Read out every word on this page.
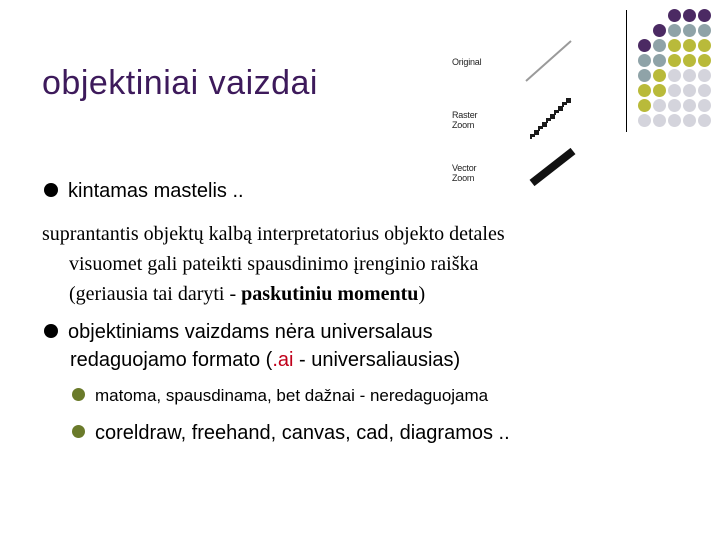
objektiniai vaizdai
Original
Raster Zoom
Vector Zoom
kintamas mastelis ..
suprantantis objektų kalbą interpretatorius objekto detales
visuomet gali pateikti spausdinimo įrenginio raiška
(geriausia tai daryti - paskutiniu momentu)
objektiniams vaizdams nėra universalaus
redaguojamo formato (.ai - universaliausias)
matoma, spausdinama, bet dažnai - neredaguojama
coreldraw, freehand, canvas, cad, diagramos ..
